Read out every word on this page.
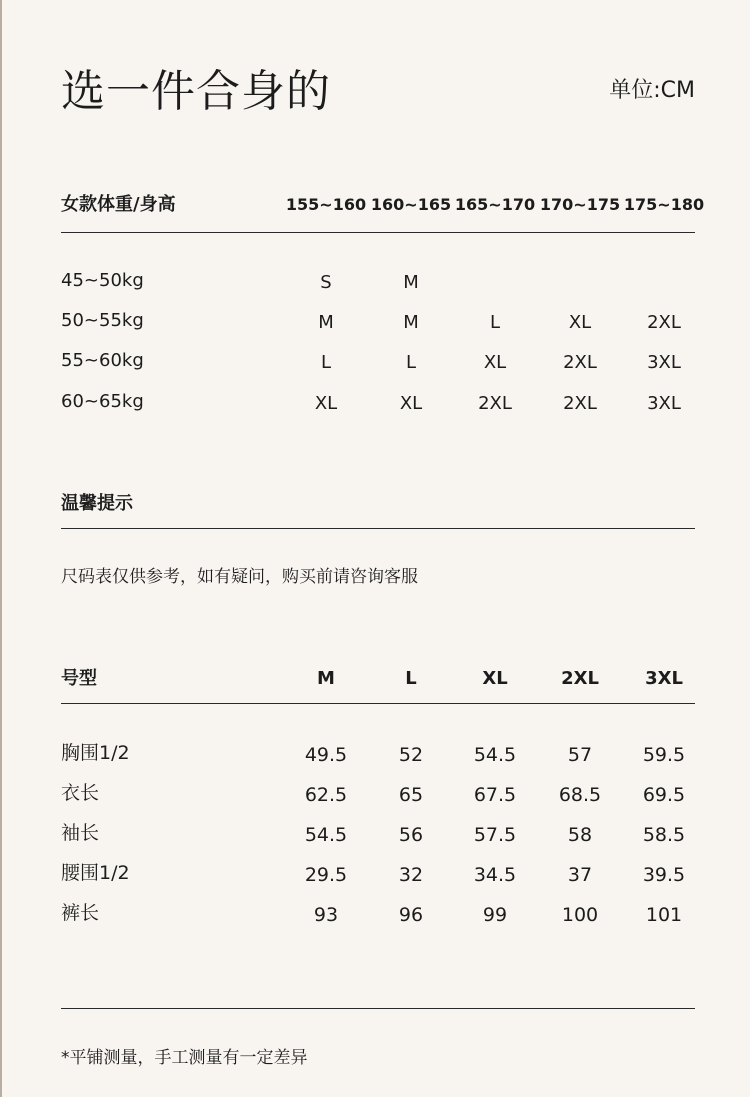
选一件合身的	单位:CM
女款体重/身高	155~160 160~165 165~170 170~175 175~180
45~50kg	S	M
50~55kg	M	M	L	XL	2XL
55~60kg	L	L	XL	2XL	3XL
60~65kg	XL	XL	2XL	2XL	3XL
温馨提示
尺码表仅供参考，如有疑问，购买前请咨询客服
号型	M	L	XL	2XL	3XL
胸围1/2	49.5	52	54.5	57	59.5
衣长	62.5	65	67.5	68.5	69.5
袖长	54.5	56	57.5	58	58.5
腰围1/2	29.5	32	34.5	37	39.5
裤长	93	96	99	100	101
*平铺测量，手工测量有一定差异
